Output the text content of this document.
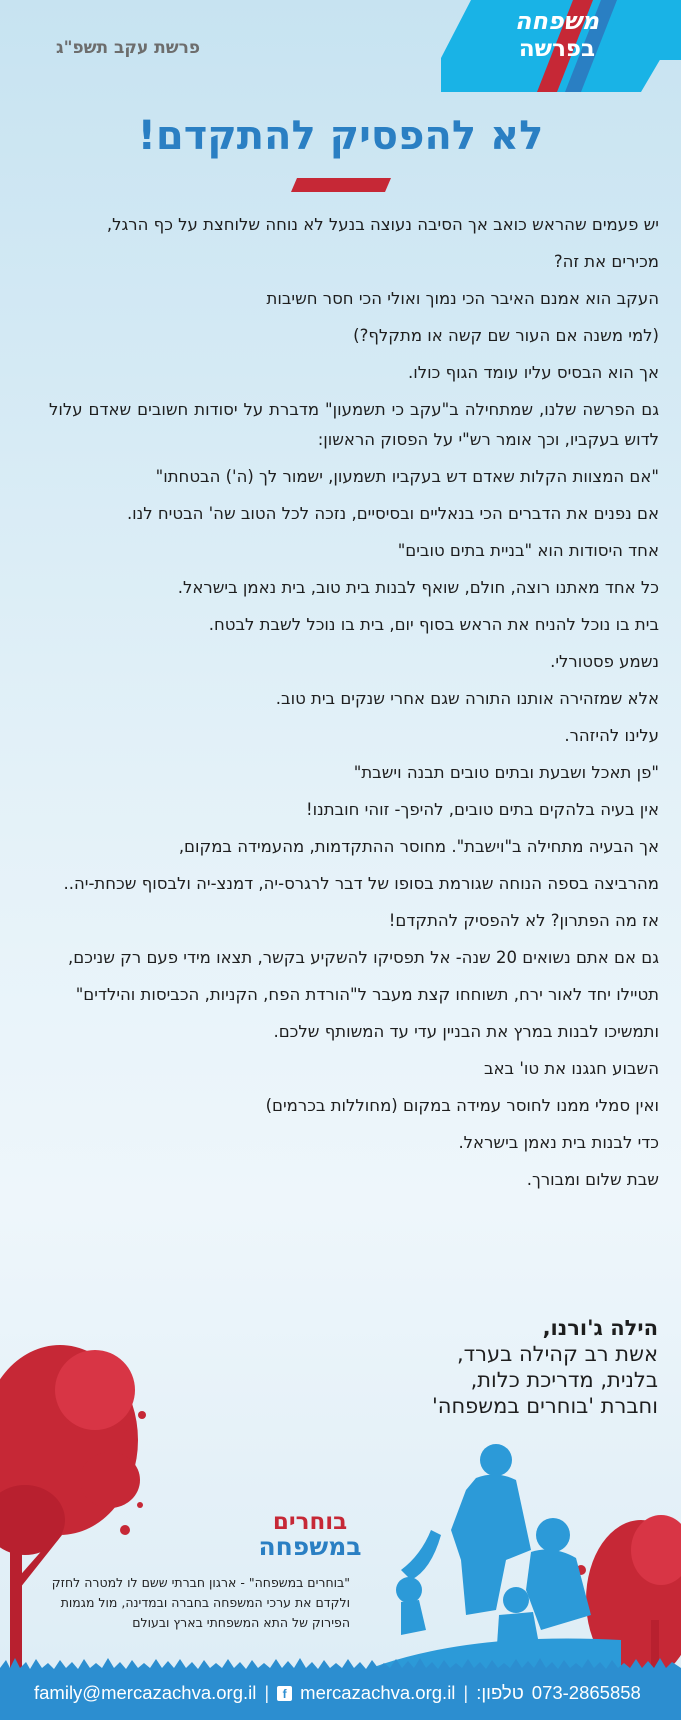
פרשת עקב תשפ"ג
משפחה
בפרשה
לא להפסיק להתקדם!

יש פעמים שהראש כואב אך הסיבה נעוצה בנעל לא נוחה שלוחצת על כף הרגל,

מכירים את זה?

העקב הוא אמנם האיבר הכי נמוך ואולי הכי חסר חשיבות

(למי משנה אם העור שם קשה או מתקלף?)

אך הוא הבסיס עליו עומד הגוף כולו.

גם הפרשה שלנו, שמתחילה ב"עקב כי תשמעון" מדברת על יסודות חשובים שאדם עלול לדוש בעקביו, וכך אומר רש"י על הפסוק הראשון:

"אם המצוות הקלות שאדם דש בעקביו תשמעון, ישמור לך (ה') הבטחתו"

אם נפנים את הדברים הכי בנאליים ובסיסיים, נזכה לכל הטוב שה' הבטיח לנו.

אחד היסודות הוא "בניית בתים טובים"

כל אחד מאתנו רוצה, חולם, שואף לבנות בית טוב, בית נאמן בישראל.

בית בו נוכל להניח את הראש בסוף יום, בית בו נוכל לשבת לבטח.

נשמע פסטורלי.

אלא שמזהירה אותנו התורה שגם אחרי שנקים בית טוב.

עלינו להיזהר.

"פן תאכל ושבעת ובתים טובים תבנה וישבת"

אין בעיה בלהקים בתים טובים, להיפך- זוהי חובתנו!

אך הבעיה מתחילה ב"וישבת". מחוסר ההתקדמות, מהעמידה במקום,

מהרביצה בספה הנוחה שגורמת בסופו של דבר לרגרס-יה, דמנצ-יה ולבסוף שכחת-יה..

אז מה הפתרון? לא להפסיק להתקדם!

גם אם אתם נשואים 20 שנה- אל תפסיקו להשקיע בקשר, תצאו מידי פעם רק שניכם,

תטיילו יחד לאור ירח, תשוחחו קצת מעבר ל"הורדת הפח, הקניות, הכביסות והילדים"

ותמשיכו לבנות במרץ את הבניין עדי עד המשותף שלכם.

השבוע חגגנו את טו' באב

ואין סמלי ממנו לחוסר עמידה במקום (מחוללות בכרמים)

כדי לבנות בית נאמן בישראל.

שבת שלום ומבורך.

הילה ג'ורנו,
אשת רב קהילה בערד,
בלנית, מדריכת כלות,
וחברת 'בוחרים במשפחה'
בוחרים
במשפחה
"בוחרים במשפחה" - ארגון חברתי ששם לו למטרה לחזק ולקדם את ערכי המשפחה בחברה ובמדינה, מול מגמות הפירוק של התא המשפחתי בארץ ובעולם
family@mercazachva.org.il |	f mercazachva.org.il | טלפון: 073-2865858
